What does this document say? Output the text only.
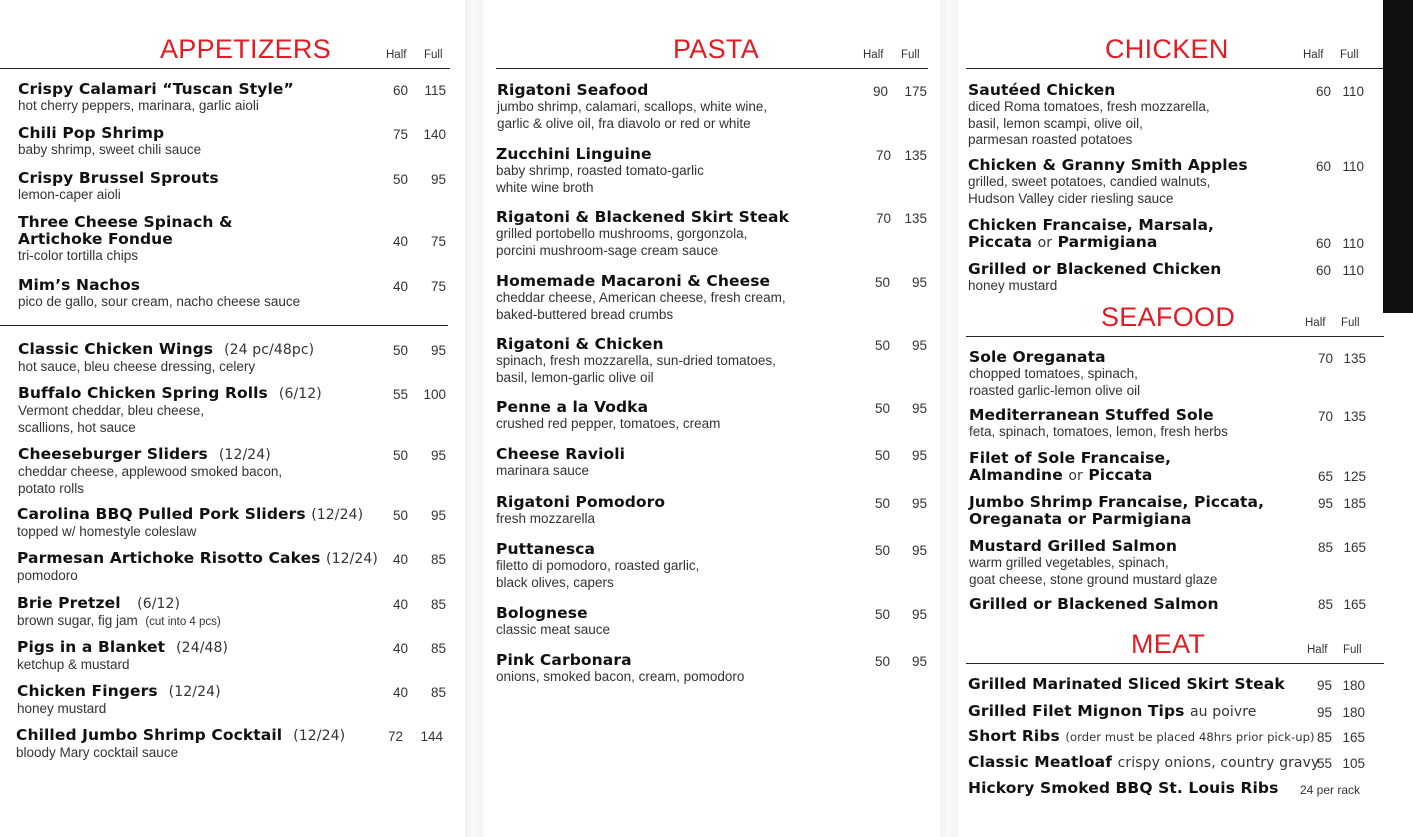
APPETIZERS	Half Full
Crispy Calamari “Tuscan Style”
hot cherry peppers, marinara, garlic aioli
60	115
Chili Pop Shrimp
baby shrimp, sweet chili sauce
75	140
Crispy Brussel Sprouts
lemon-caper aioli
50	95
Three Cheese Spinach &
Artichoke Fondue
tri-color tortilla chips
40	75
Mim’s Nachos
pico de gallo, sour cream, nacho cheese sauce
40	75
Classic Chicken Wings (24 pc/48pc)
hot sauce, bleu cheese dressing, celery
50	95
Buffalo Chicken Spring Rolls (6/12)
Vermont cheddar, bleu cheese,
scallions, hot sauce
55	100
Cheeseburger Sliders (12/24)
cheddar cheese, applewood smoked bacon,
potato rolls
50	95
Carolina BBQ Pulled Pork Sliders (12/24)
topped w/ homestyle coleslaw
50	95
Parmesan Artichoke Risotto Cakes (12/24)
pomodoro
40	85
Brie Pretzel (6/12)
brown sugar, fig jam (cut into 4 pcs)
40	85
Pigs in a Blanket (24/48)
ketchup & mustard
40	85
Chicken Fingers (12/24)
honey mustard
40	85
Chilled Jumbo Shrimp Cocktail (12/24)
bloody Mary cocktail sauce
72	144
PASTA	Half Full
Rigatoni Seafood
jumbo shrimp, calamari, scallops, white wine,
garlic & olive oil, fra diavolo or red or white
90	175
Zucchini Linguine
baby shrimp, roasted tomato-garlic
white wine broth
70 135
Rigatoni & Blackened Skirt Steak
grilled portobello mushrooms, gorgonzola,
porcini mushroom-sage cream sauce
70 135
Homemade Macaroni & Cheese
cheddar cheese, American cheese, fresh cream,
baked-buttered bread crumbs
50	95
Rigatoni & Chicken
spinach, fresh mozzarella, sun-dried tomatoes,
basil, lemon-garlic olive oil
50	95
Penne a la Vodka
crushed red pepper, tomatoes, cream
50	95
Cheese Ravioli
marinara sauce
50	95
Rigatoni Pomodoro
fresh mozzarella
50	95
Puttanesca
filetto di pomodoro, roasted garlic,
black olives, capers
50	95
Bolognese
classic meat sauce
50	95
Pink Carbonara
onions, smoked bacon, cream, pomodoro
50	95
CHICKEN	Half Full
Sautéed Chicken
diced Roma tomatoes, fresh mozzarella,
basil, lemon scampi, olive oil,
parmesan roasted potatoes
60 110
Chicken & Granny Smith Apples
grilled, sweet potatoes, candied walnuts,
Hudson Valley cider riesling sauce
60 110
Chicken Francaise, Marsala,
Piccata or Parmigiana	60 110
Grilled or Blackened Chicken
honey mustard
60 110
SEAFOOD	Half Full
Sole Oreganata
chopped tomatoes, spinach,
roasted garlic-lemon olive oil
70 135
Mediterranean Stuffed Sole
feta, spinach, tomatoes, lemon, fresh herbs
70 135
Filet of Sole Francaise,
Almandine or Piccata	65 125
Jumbo Shrimp Francaise, Piccata,
Oreganata or Parmigiana
95 185
Mustard Grilled Salmon
warm grilled vegetables, spinach,
goat cheese, stone ground mustard glaze
85 165
Grilled or Blackened Salmon	85 165
MEAT	Half Full
Grilled Marinated Sliced Skirt Steak	95 180
Grilled Filet Mignon Tips au poivre	95 180
Short Ribs (order must be placed 48hrs prior pick-up) 85 165
Classic Meatloaf crispy onions, country gravy
55 105
Hickory Smoked BBQ St. Louis Ribs	24 per rack
